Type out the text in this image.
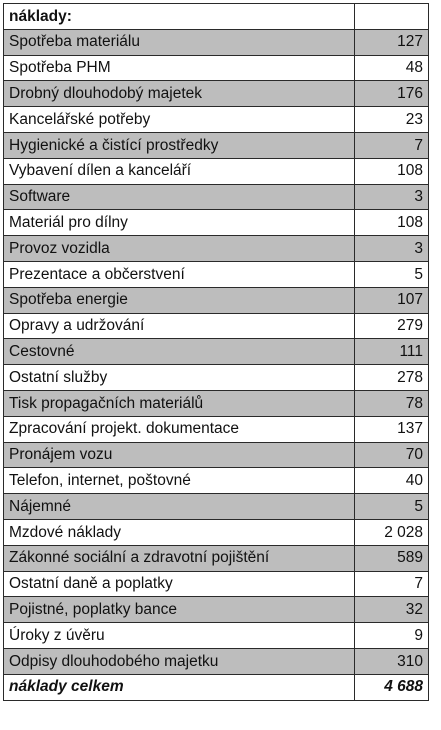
náklady:	
Spotřeba materiálu	127
Spotřeba PHM	48
Drobný dlouhodobý majetek	176
Kancelářské potřeby	23
Hygienické a čistící prostředky	7
Vybavení dílen a kanceláří	108
Software	3
Materiál pro dílny	108
Provoz vozidla	3
Prezentace a občerstvení	5
Spotřeba energie	107
Opravy a udržování	279
Cestovné	111
Ostatní služby	278
Tisk propagačních materiálů	78
Zpracování projekt. dokumentace	137
Pronájem vozu	70
Telefon, internet, poštovné	40
Nájemné	5
Mzdové náklady	2 028
Zákonné sociální a zdravotní pojištění	589
Ostatní daně a poplatky	7
Pojistné, poplatky bance	32
Úroky z úvěru	9
Odpisy dlouhodobého majetku	310
náklady celkem	4 688
